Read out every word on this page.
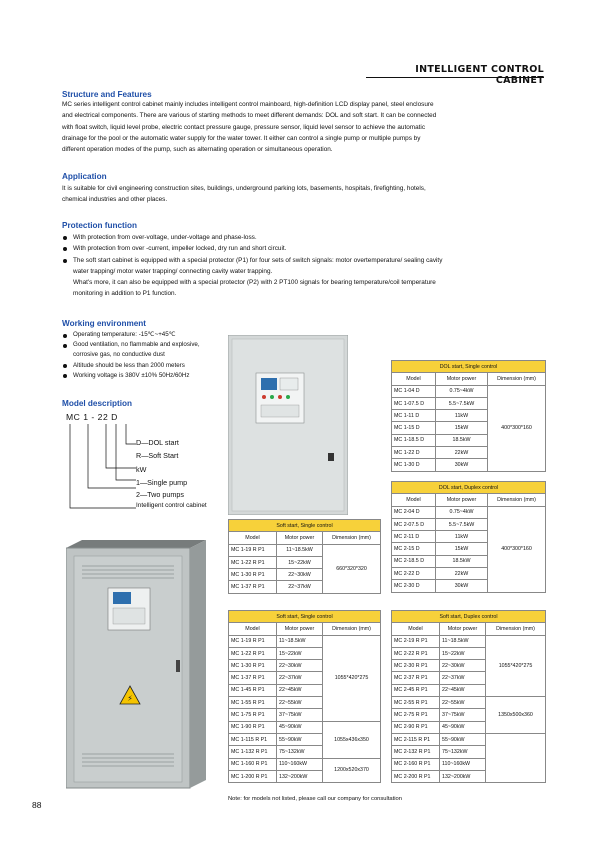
INTELLIGENT CONTROL CABINET
Structure and Features
MC series intelligent control cabinet mainly includes intelligent control mainboard, high-definition LCD display panel, steel enclosure
and electrical components. There are various of starting methods to meet different demands: DOL and soft start. It can be connected
with float switch, liquid level probe, electric contact pressure gauge, pressure sensor, liquid level sensor to achieve the automatic
drainage for the pool or the automatic water supply for the water tower. It either can control a single pump or multiple pumps by
different operation modes of the pump, such as alternating operation or simultaneous operation.
Application
It is suitable for civil engineering construction sites, buildings, underground parking lots, basements, hospitals, firefighting, hotels,
chemical industries and other places.
Protection function
With protection from over-voltage, under-voltage and phase-loss.
With protection from over -current, impeller locked, dry run and short circuit.
The soft start cabinet is equipped with a special protector (P1) for four sets of switch signals: motor overtemperature/ sealing cavity
water trapping/ motor water trapping/ connecting cavity water trapping.
What's more, it can also be equipped with a special protector (P2) with 2 PT100 signals for bearing temperature/coil temperature
monitoring in addition to P1 function.
Working environment
Operating temperature: -15℃~+45℃
Good ventilation, no flammable and explosive,
corrosive gas, no conductive dust
Altitude should be less than 2000 meters
Working voltage is 380V ±10% 50Hz/60Hz
Model description
MC 1 - 22 D
D—DOL start
R—Soft Start
kW
1—Single pump
2—Two pumps
Intelligent control cabinet
⚡
DOL start, Single control		
Model	Motor power	Dimension (mm)
MC 1-04 D	0.75~4kW	400*300*160
MC 1-07.5 D	5.5~7.5kW	
MC 1-11 D	11kW	
MC 1-15 D	15kW	
MC 1-18.5 D	18.5kW	
MC 1-22 D	22kW	
MC 1-30 D	30kW	
DOL start, Duplex control		
Model	Motor power	Dimension (mm)
MC 2-04 D	0.75~4kW	400*300*160
MC 2-07.5 D	5.5~7.5kW	
MC 2-11 D	11kW	
MC 2-15 D	15kW	
MC 2-18.5 D	18.5kW	
MC 2-22 D	22kW	
MC 2-30 D	30kW	
Soft start, Single control		
Model	Motor power	Dimension (mm)
MC 1-19 R P1	11~18.5kW	660*320*320
MC 1-22 R P1	15~22kW	
MC 1-30 R P1	22~30kW	
MC 1-37 R P1	22~37kW	
Soft start, Single control		
Model	Motor power	Dimension (mm)
MC 1-19 R P1	11~18.5kW	1055*420*275
MC 1-22 R P1	15~22kW	
MC 1-30 R P1	22~30kW	
MC 1-37 R P1	22~37kW	
MC 1-45 R P1	22~45kW	
MC 1-55 R P1	22~55kW	
MC 1-75 R P1	37~75kW	
MC 1-90 R P1	45~90kW	1055x436x350
MC 1-115 R P1	55~90kW	
MC 1-132 R P1	75~132kW	
MC 1-160 R P1	110~160kW	1200x520x370
MC 1-200 R P1	132~200kW	
Soft start, Duplex control		
Model	Motor power	Dimension (mm)
MC 2-19 R P1	11~18.5kW	1055*420*275
MC 2-22 R P1	15~22kW	
MC 2-30 R P1	22~30kW	
MC 2-37 R P1	22~37kW	
MC 2-45 R P1	22~45kW	
MC 2-55 R P1	22~55kW	1350x500x360
MC 2-75 R P1	37~75kW	
MC 2-90 R P1	45~90kW	
MC 2-115 R P1	55~90kW	
MC 2-132 R P1	75~132kW	
MC 2-160 R P1	110~160kW	
MC 2-200 R P1	132~200kW	
Note: for models not listed, please call our company for consultation
88
